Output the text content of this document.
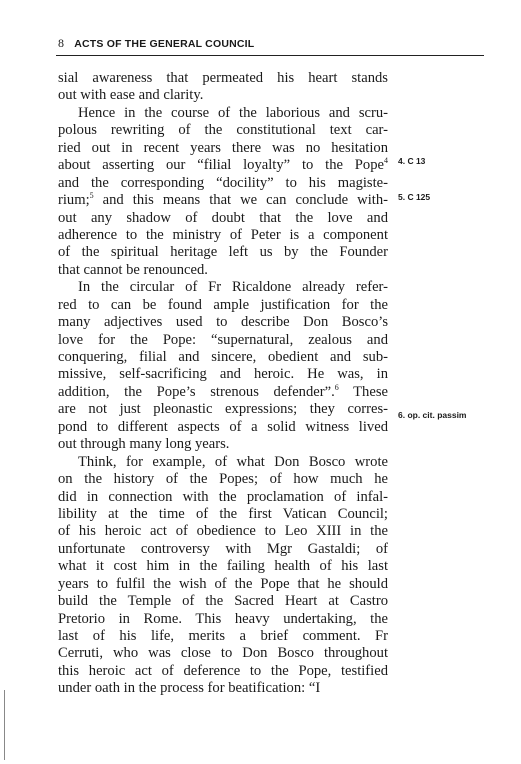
8 ACTS OF THE GENERAL COUNCIL
sial awareness that permeated his heart stands
out with ease and clarity.
Hence in the course of the laborious and scru-
polous rewriting of the constitutional text car-
ried out in recent years there was no hesitation
about asserting our “filial loyalty” to the Pope$^4$
and the corresponding “docility” to his magiste-
rium;$^5$ and this means that we can conclude with-
out any shadow of doubt that the love and
adherence to the ministry of Peter is a component
of the spiritual heritage left us by the Founder
that cannot be renounced.
In the circular of Fr Ricaldone already refer-
red to can be found ample justification for the
many adjectives used to describe Don Bosco’s
love for the Pope: “supernatural, zealous and
conquering, filial and sincere, obedient and sub-
missive, self-sacrificing and heroic. He was, in
addition, the Pope’s strenous defender”.$^6$ These
are not just pleonastic expressions; they corres-
pond to different aspects of a solid witness lived
out through many long years.
Think, for example, of what Don Bosco wrote
on the history of the Popes; of how much he
did in connection with the proclamation of infal-
libility at the time of the first Vatican Council;
of his heroic act of obedience to Leo XIII in the
unfortunate controversy with Mgr Gastaldi; of
what it cost him in the failing health of his last
years to fulfil the wish of the Pope that he should
build the Temple of the Sacred Heart at Castro
Pretorio in Rome. This heavy undertaking, the
last of his life, merits a brief comment. Fr
Cerruti, who was close to Don Bosco throughout
this heroic act of deference to the Pope, testified
under oath in the process for beatification: “I
4. C 13
5. C 125
6. op. cit. passim
